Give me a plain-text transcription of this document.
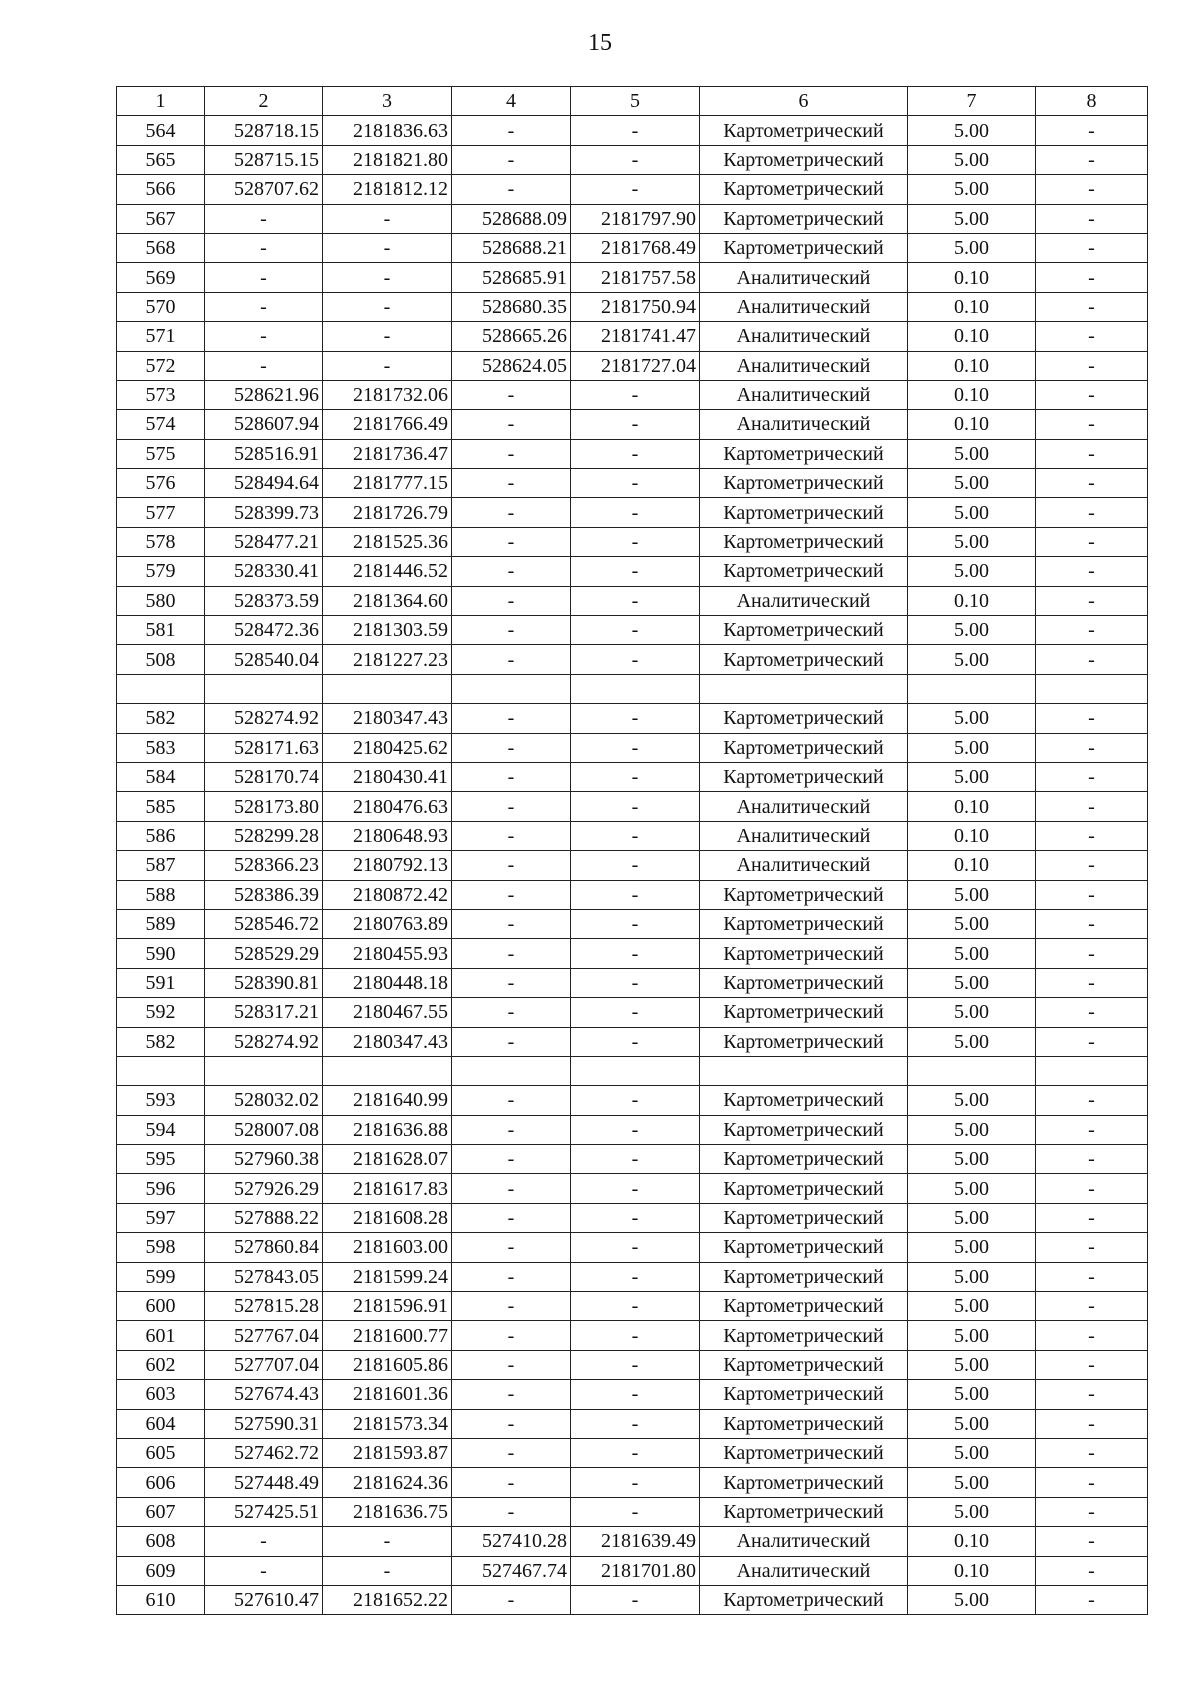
15
1	2	3	4	5	6	7	8
564	528718.15	2181836.63	-	-	Картометрический	5.00	-
565	528715.15	2181821.80	-	-	Картометрический	5.00	-
566	528707.62	2181812.12	-	-	Картометрический	5.00	-
567	-	-	528688.09	2181797.90	Картометрический	5.00	-
568	-	-	528688.21	2181768.49	Картометрический	5.00	-
569	-	-	528685.91	2181757.58	Аналитический	0.10	-
570	-	-	528680.35	2181750.94	Аналитический	0.10	-
571	-	-	528665.26	2181741.47	Аналитический	0.10	-
572	-	-	528624.05	2181727.04	Аналитический	0.10	-
573	528621.96	2181732.06	-	-	Аналитический	0.10	-
574	528607.94	2181766.49	-	-	Аналитический	0.10	-
575	528516.91	2181736.47	-	-	Картометрический	5.00	-
576	528494.64	2181777.15	-	-	Картометрический	5.00	-
577	528399.73	2181726.79	-	-	Картометрический	5.00	-
578	528477.21	2181525.36	-	-	Картометрический	5.00	-
579	528330.41	2181446.52	-	-	Картометрический	5.00	-
580	528373.59	2181364.60	-	-	Аналитический	0.10	-
581	528472.36	2181303.59	-	-	Картометрический	5.00	-
508	528540.04	2181227.23	-	-	Картометрический	5.00	-

582	528274.92	2180347.43	-	-	Картометрический	5.00	-
583	528171.63	2180425.62	-	-	Картометрический	5.00	-
584	528170.74	2180430.41	-	-	Картометрический	5.00	-
585	528173.80	2180476.63	-	-	Аналитический	0.10	-
586	528299.28	2180648.93	-	-	Аналитический	0.10	-
587	528366.23	2180792.13	-	-	Аналитический	0.10	-
588	528386.39	2180872.42	-	-	Картометрический	5.00	-
589	528546.72	2180763.89	-	-	Картометрический	5.00	-
590	528529.29	2180455.93	-	-	Картометрический	5.00	-
591	528390.81	2180448.18	-	-	Картометрический	5.00	-
592	528317.21	2180467.55	-	-	Картометрический	5.00	-
582	528274.92	2180347.43	-	-	Картометрический	5.00	-

593	528032.02	2181640.99	-	-	Картометрический	5.00	-
594	528007.08	2181636.88	-	-	Картометрический	5.00	-
595	527960.38	2181628.07	-	-	Картометрический	5.00	-
596	527926.29	2181617.83	-	-	Картометрический	5.00	-
597	527888.22	2181608.28	-	-	Картометрический	5.00	-
598	527860.84	2181603.00	-	-	Картометрический	5.00	-
599	527843.05	2181599.24	-	-	Картометрический	5.00	-
600	527815.28	2181596.91	-	-	Картометрический	5.00	-
601	527767.04	2181600.77	-	-	Картометрический	5.00	-
602	527707.04	2181605.86	-	-	Картометрический	5.00	-
603	527674.43	2181601.36	-	-	Картометрический	5.00	-
604	527590.31	2181573.34	-	-	Картометрический	5.00	-
605	527462.72	2181593.87	-	-	Картометрический	5.00	-
606	527448.49	2181624.36	-	-	Картометрический	5.00	-
607	527425.51	2181636.75	-	-	Картометрический	5.00	-
608	-	-	527410.28	2181639.49	Аналитический	0.10	-
609	-	-	527467.74	2181701.80	Аналитический	0.10	-
610	527610.47	2181652.22	-	-	Картометрический	5.00	-
